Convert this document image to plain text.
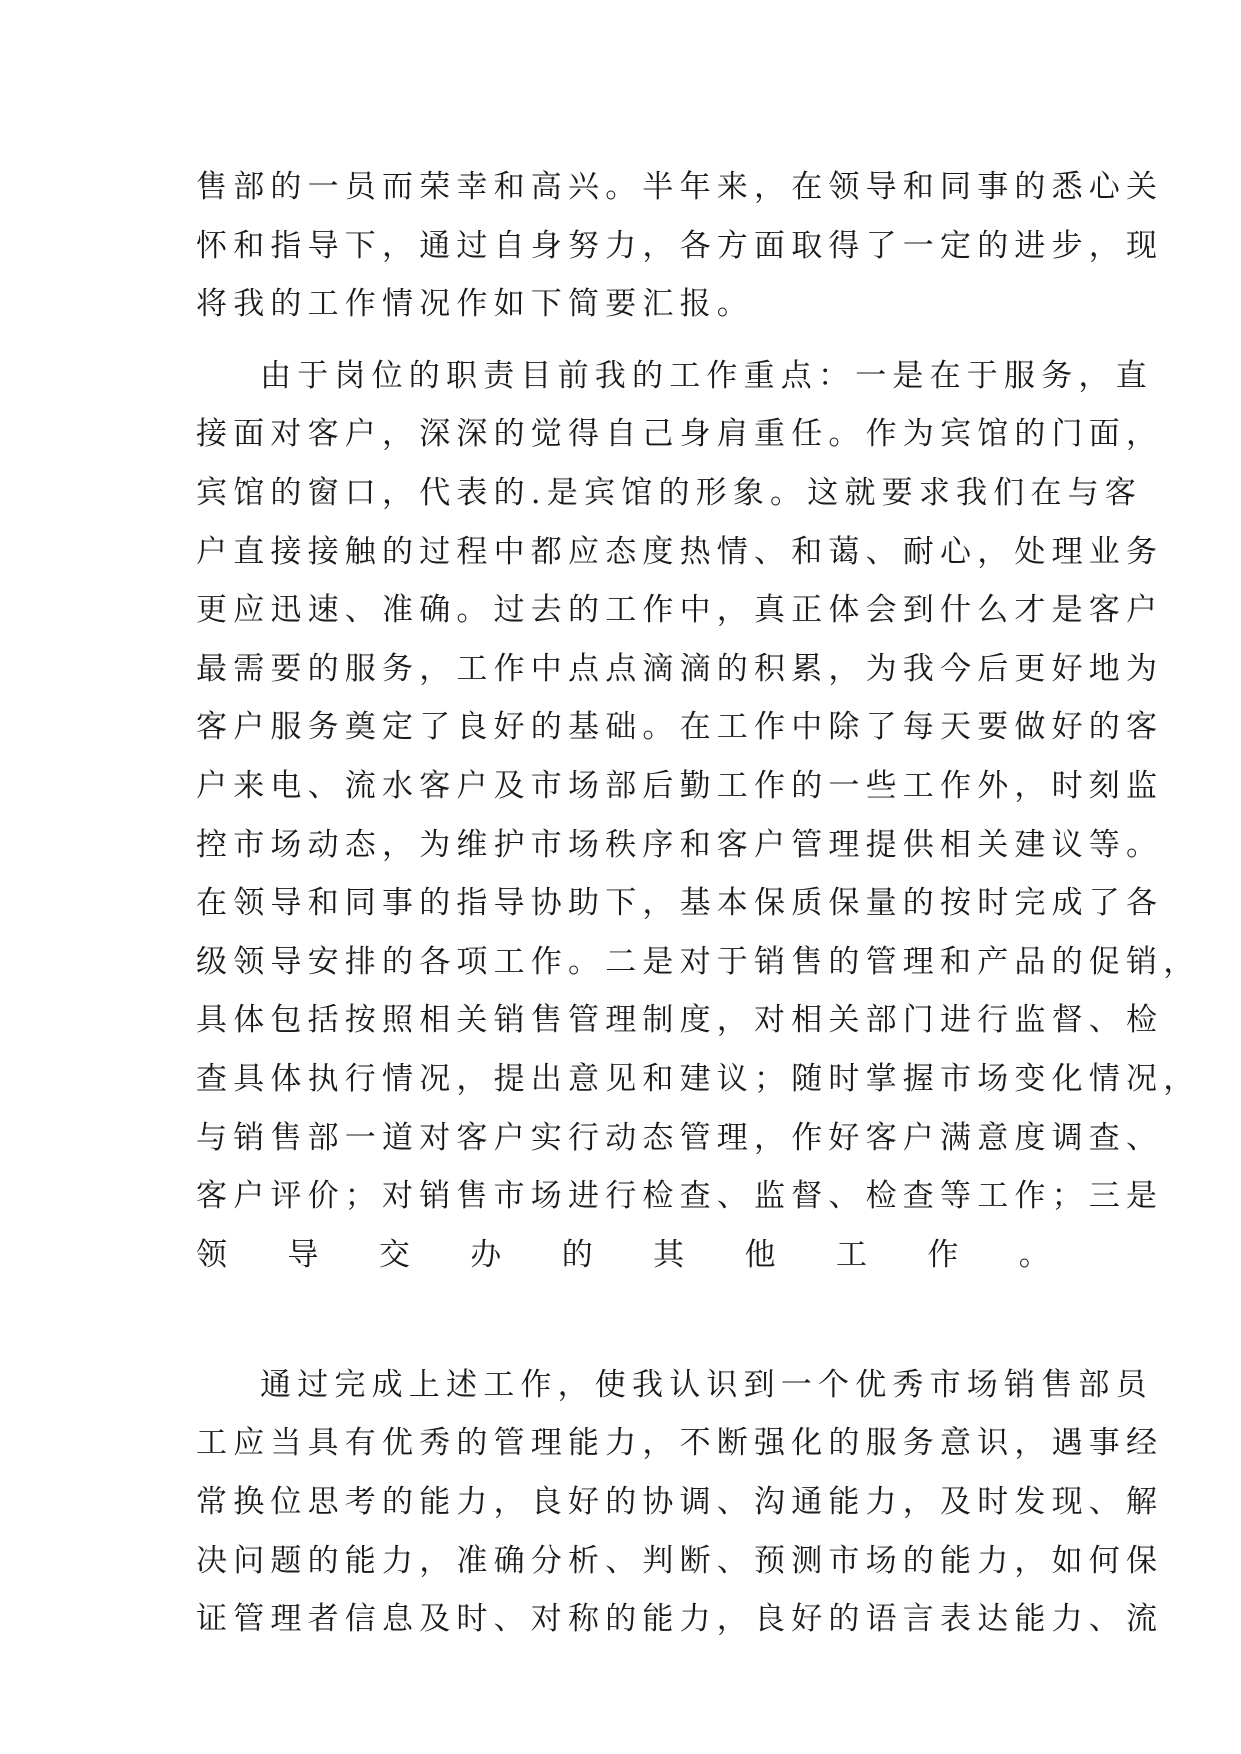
售部的一员而荣幸和高兴。半年来，在领导和同事的悉心关
怀和指导下，通过自身努力，各方面取得了一定的进步，现
将我的工作情况作如下简要汇报。
由于岗位的职责目前我的工作重点：一是在于服务，直
接面对客户，深深的觉得自己身肩重任。作为宾馆的门面，
宾馆的窗口，代表的.是宾馆的形象。这就要求我们在与客
户直接接触的过程中都应态度热情、和蔼、耐心，处理业务
更应迅速、准确。过去的工作中，真正体会到什么才是客户
最需要的服务，工作中点点滴滴的积累，为我今后更好地为
客户服务奠定了良好的基础。在工作中除了每天要做好的客
户来电、流水客户及市场部后勤工作的一些工作外，时刻监
控市场动态，为维护市场秩序和客户管理提供相关建议等。
在领导和同事的指导协助下，基本保质保量的按时完成了各
级领导安排的各项工作。二是对于销售的管理和产品的促销，
具体包括按照相关销售管理制度，对相关部门进行监督、检
查具体执行情况，提出意见和建议；随时掌握市场变化情况，
与销售部一道对客户实行动态管理，作好客户满意度调查、
客户评价；对销售市场进行检查、监督、检查等工作；三是
领导交办的其他工作。
通过完成上述工作，使我认识到一个优秀市场销售部员
工应当具有优秀的管理能力，不断强化的服务意识，遇事经
常换位思考的能力，良好的协调、沟通能力，及时发现、解
决问题的能力，准确分析、判断、预测市场的能力，如何保
证管理者信息及时、对称的能力，良好的语言表达能力、流
